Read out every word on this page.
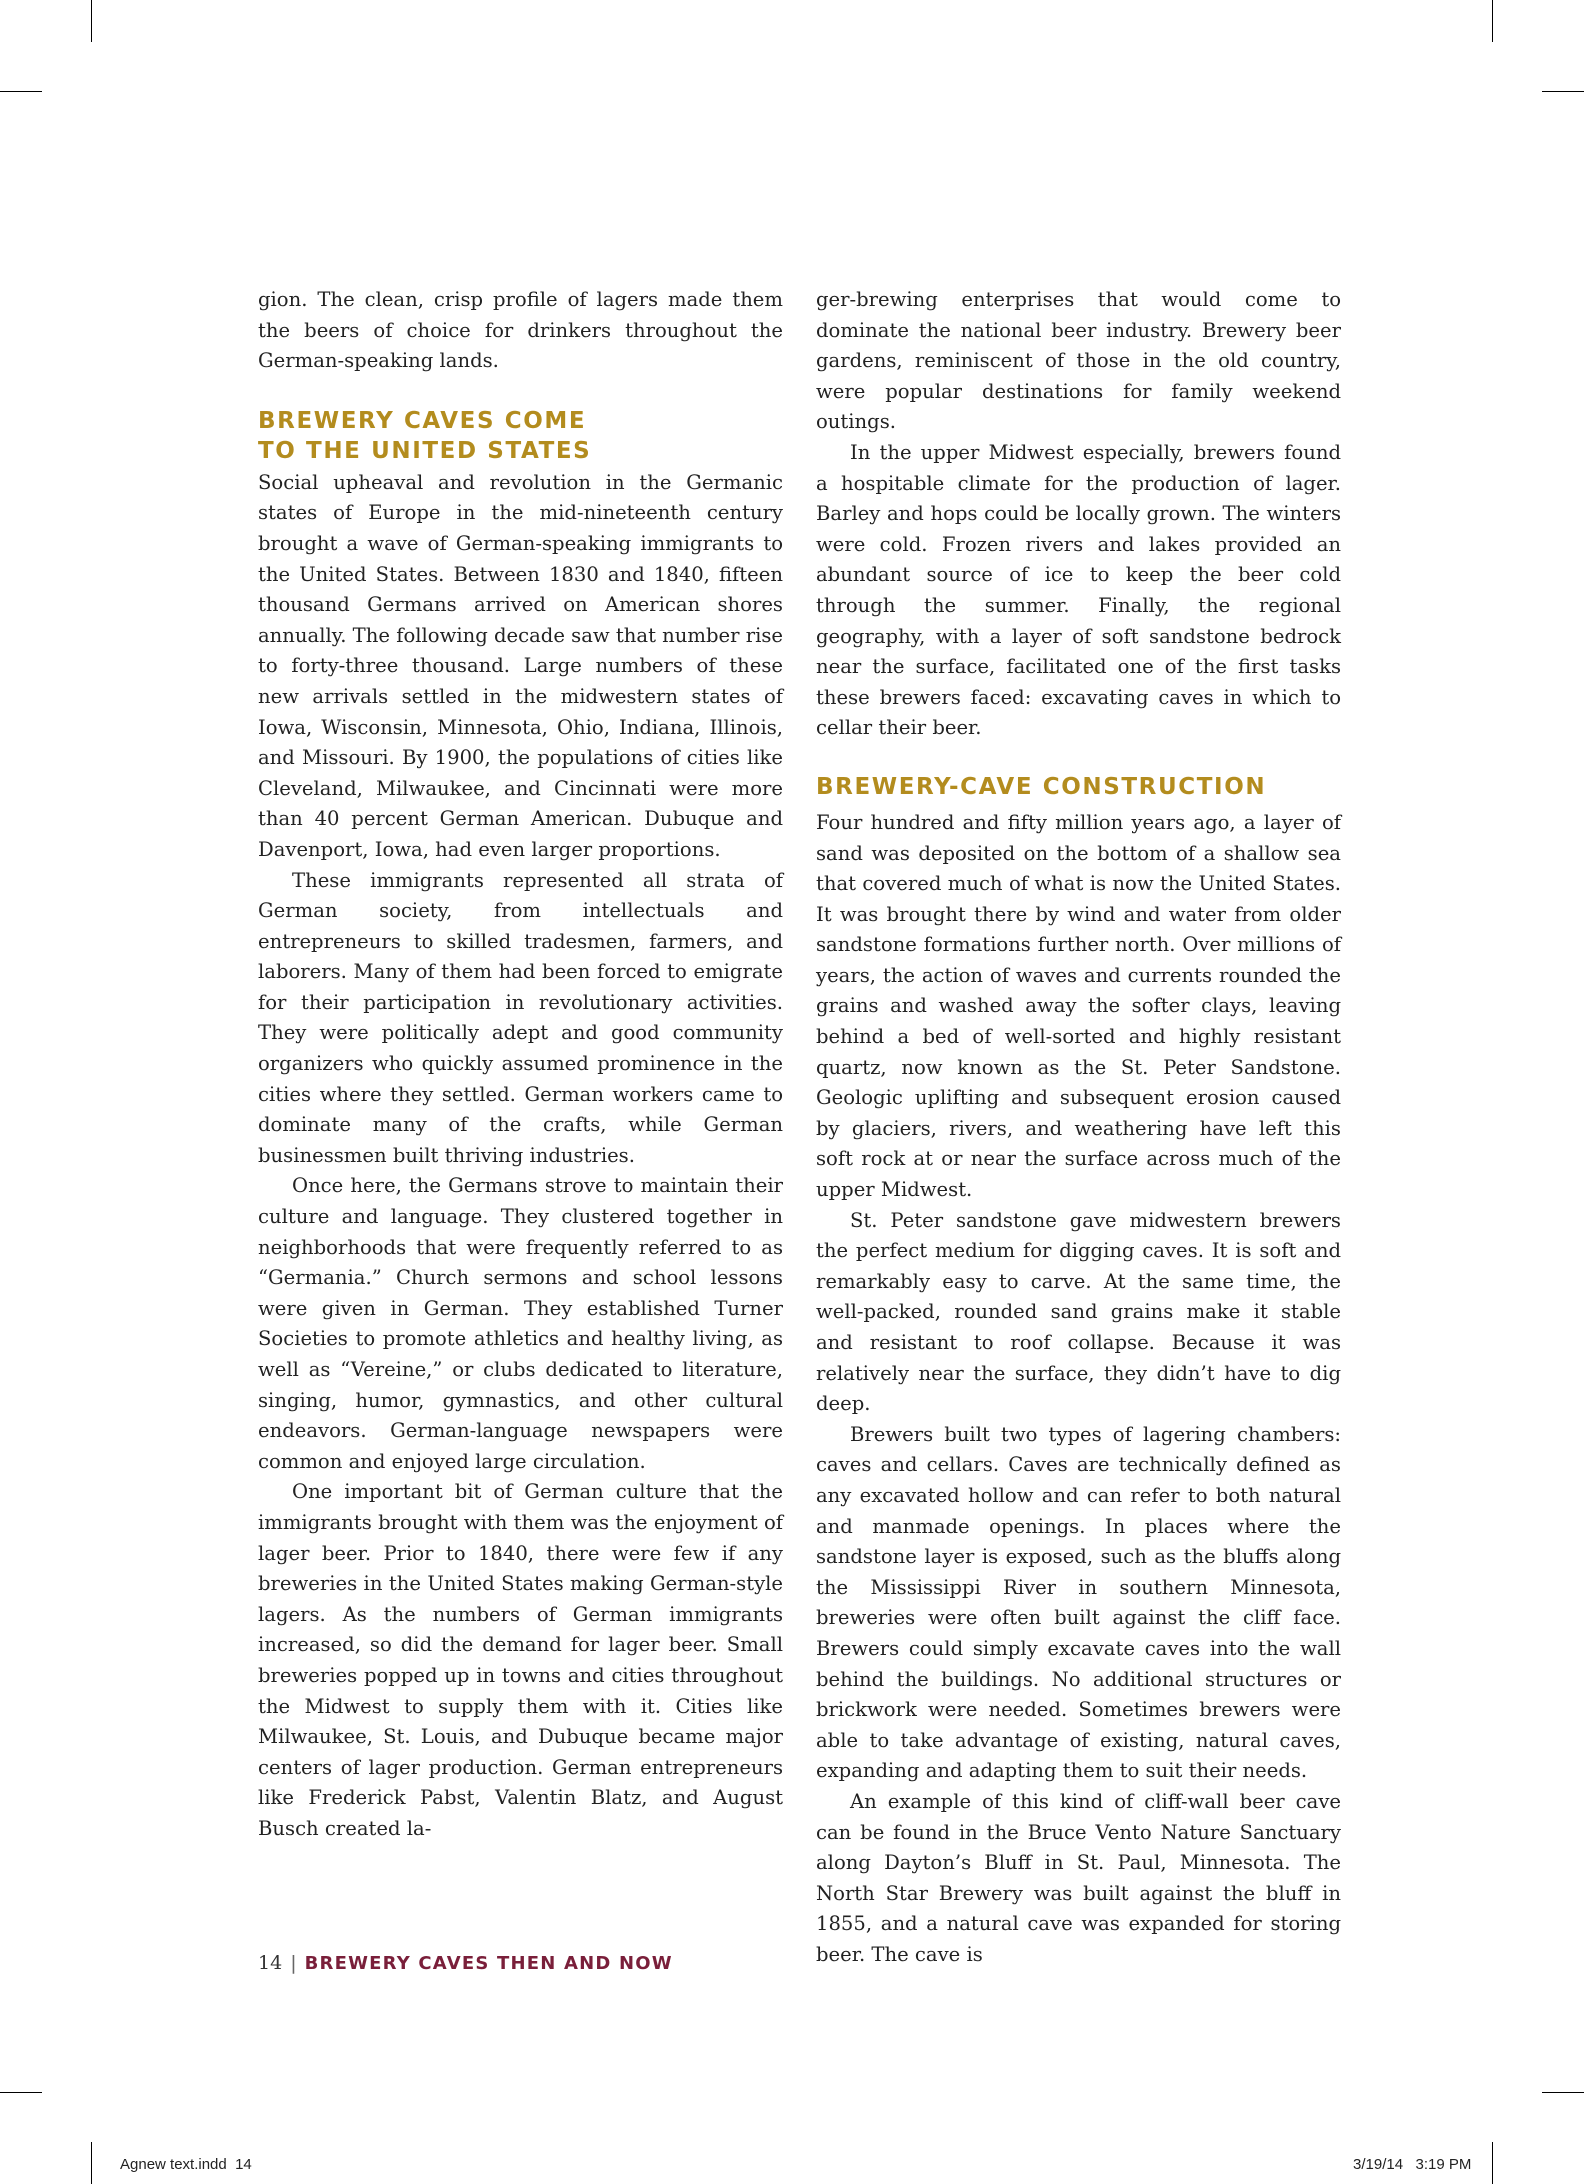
gion. The clean, crisp profile of lagers made them the beers of choice for drinkers throughout the German-speaking lands.

BREWERY CAVES COME

TO THE UNITED STATES

Social upheaval and revolution in the Germanic states of Europe in the mid-nineteenth century brought a wave of German-speaking immigrants to the United States. Between 1830 and 1840, fifteen thousand Germans arrived on American shores annually. The following decade saw that number rise to forty-three thousand. Large numbers of these new arrivals settled in the midwestern states of Iowa, Wisconsin, Minnesota, Ohio, Indiana, Illinois, and Missouri. By 1900, the populations of cities like Cleveland, Milwaukee, and Cincinnati were more than 40 percent German American. Dubuque and Davenport, Iowa, had even larger proportions.

These immigrants represented all strata of German society, from intellectuals and entrepreneurs to skilled tradesmen, farmers, and laborers. Many of them had been forced to emigrate for their participation in revolutionary activities. They were politically adept and good community organizers who quickly assumed prominence in the cities where they settled. German workers came to dominate many of the crafts, while German businessmen built thriving industries.

Once here, the Germans strove to maintain their culture and language. They clustered together in neighborhoods that were frequently referred to as “Germania.” Church sermons and school lessons were given in German. They established Turner Societies to promote athletics and healthy living, as well as “Vereine,” or clubs dedicated to literature, singing, humor, gymnastics, and other cultural endeavors. German-language newspapers were common and enjoyed large circulation.

One important bit of German culture that the immigrants brought with them was the enjoyment of lager beer. Prior to 1840, there were few if any breweries in the United States making German-style lagers. As the numbers of German immigrants increased, so did the demand for lager beer. Small breweries popped up in towns and cities throughout the Midwest to supply them with it. Cities like Milwaukee, St. Louis, and Dubuque became major centers of lager production. German entrepreneurs like Frederick Pabst, Valentin Blatz, and August Busch created la-

ger-brewing enterprises that would come to dominate the national beer industry. Brewery beer gardens, reminiscent of those in the old country, were popular destinations for family weekend outings.

In the upper Midwest especially, brewers found a hospitable climate for the production of lager. Barley and hops could be locally grown. The winters were cold. Frozen rivers and lakes provided an abundant source of ice to keep the beer cold through the summer. Finally, the regional geography, with a layer of soft sandstone bedrock near the surface, facilitated one of the first tasks these brewers faced: excavating caves in which to cellar their beer.

BREWERY-CAVE CONSTRUCTION

Four hundred and fifty million years ago, a layer of sand was deposited on the bottom of a shallow sea that covered much of what is now the United States. It was brought there by wind and water from older sandstone formations further north. Over millions of years, the action of waves and currents rounded the grains and washed away the softer clays, leaving behind a bed of well-sorted and highly resistant quartz, now known as the St. Peter Sandstone. Geologic uplifting and subsequent erosion caused by glaciers, rivers, and weathering have left this soft rock at or near the surface across much of the upper Midwest.

St. Peter sandstone gave midwestern brewers the perfect medium for digging caves. It is soft and remarkably easy to carve. At the same time, the well-packed, rounded sand grains make it stable and resistant to roof collapse. Because it was relatively near the surface, they didn’t have to dig deep.

Brewers built two types of lagering chambers: caves and cellars. Caves are technically defined as any excavated hollow and can refer to both natural and manmade openings. In places where the sandstone layer is exposed, such as the bluffs along the Mississippi River in southern Minnesota, breweries were often built against the cliff face. Brewers could simply excavate caves into the wall behind the buildings. No additional structures or brickwork were needed. Sometimes brewers were able to take advantage of existing, natural caves, expanding and adapting them to suit their needs.

An example of this kind of cliff-wall beer cave can be found in the Bruce Vento Nature Sanctuary along Dayton’s Bluff in St. Paul, Minnesota. The North Star Brewery was built against the bluff in 1855, and a natural cave was expanded for storing beer. The cave is

14 | BREWERY CAVES THEN AND NOW
Agnew text.indd  14	3/19/14   3:19 PM
